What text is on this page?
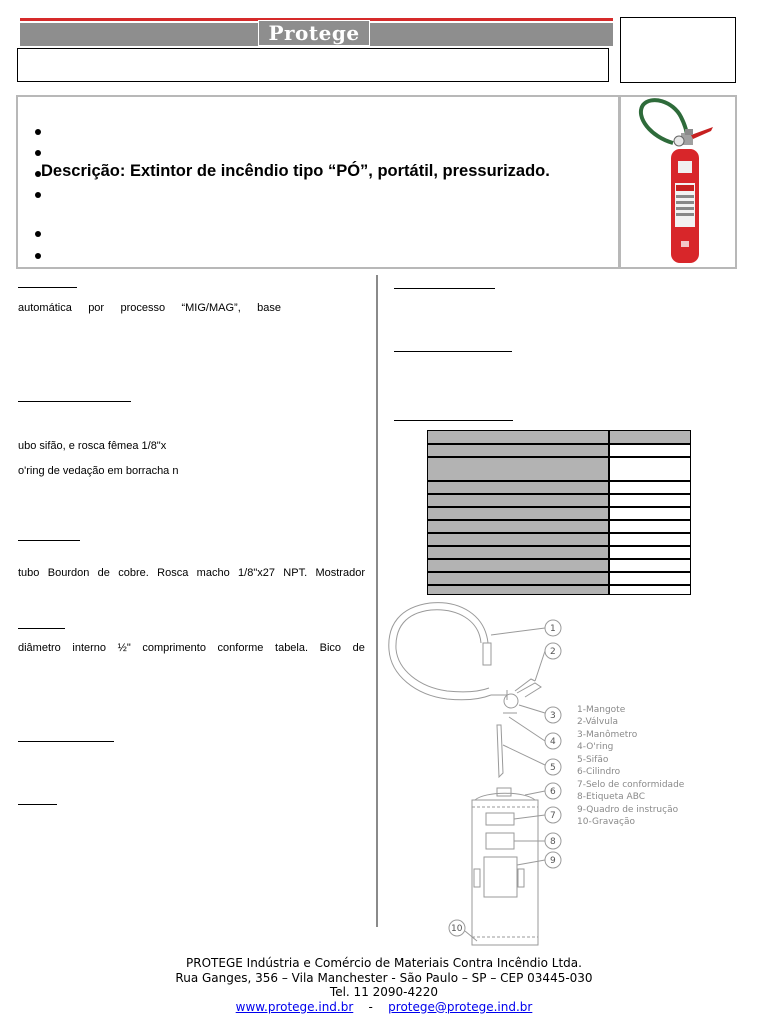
Protege
Descrição: Extintor de incêndio tipo “PÓ”, portátil, pressurizado.
automática por processo “MIG/MAG”, base
ubo sifão, e rosca fêmea 1/8"x
o'ring de vedação em borracha n
tubo Bourdon de cobre. Rosca macho 1/8"x27 NPT. Mostrador
diâmetro interno ½" comprimento conforme tabela. Bico de
1
2
3
4
5
6
7
8
9
10
1-Mangote
2-Válvula
3-Manômetro
4-O'ring
5-Sifão
6-Cilindro
7-Selo de conformidade
8-Etiqueta ABC
9-Quadro de instrução
10-Gravação
PROTEGE Indústria e Comércio de Materiais Contra Incêndio Ltda.
Rua Ganges, 356 – Vila Manchester - São Paulo – SP – CEP 03445-030
Tel. 11 2090-4220
www.protege.ind.br - protege@protege.ind.br
